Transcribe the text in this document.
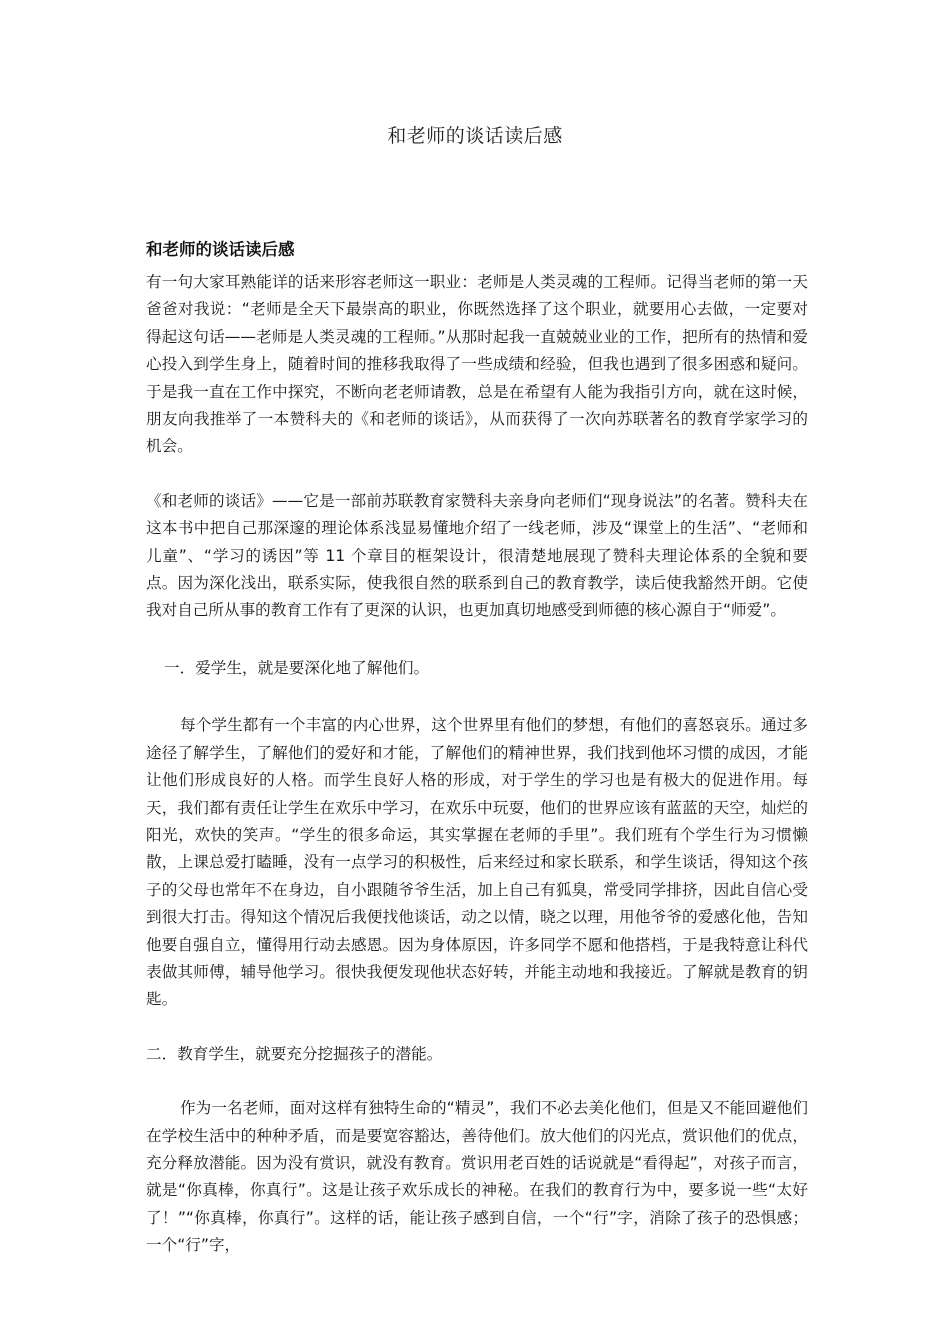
和老师的谈话读后感
和老师的谈话读后感

有一句大家耳熟能详的话来形容老师这一职业：老师是人类灵魂的工程师。记得当老师的第一天爸爸对我说：“老师是全天下最崇高的职业，你既然选择了这个职业，就要用心去做，一定要对得起这句话——老师是人类灵魂的工程师。”从那时起我一直兢兢业业的工作，把所有的热情和爱心投入到学生身上，随着时间的推移我取得了一些成绩和经验，但我也遇到了很多困惑和疑问。于是我一直在工作中探究，不断向老老师请教，总是在希望有人能为我指引方向，就在这时候，朋友向我推举了一本赞科夫的《和老师的谈话》，从而获得了一次向苏联著名的教育学家学习的机会。

《和老师的谈话》——它是一部前苏联教育家赞科夫亲身向老师们“现身说法”的名著。赞科夫在这本书中把自己那深邃的理论体系浅显易懂地介绍了一线老师，涉及“课堂上的生活”、“老师和儿童”、“学习的诱因”等 11 个章目的框架设计，很清楚地展现了赞科夫理论体系的全貌和要点。因为深化浅出，联系实际，使我很自然的联系到自己的教育教学，读后使我豁然开朗。它使我对自己所从事的教育工作有了更深的认识，也更加真切地感受到师德的核心源自于“师爱”。

一．爱学生，就是要深化地了解他们。

每个学生都有一个丰富的内心世界，这个世界里有他们的梦想，有他们的喜怒哀乐。通过多途径了解学生，了解他们的爱好和才能，了解他们的精神世界，我们找到他坏习惯的成因，才能让他们形成良好的人格。而学生良好人格的形成，对于学生的学习也是有极大的促进作用。每天，我们都有责任让学生在欢乐中学习，在欢乐中玩耍，他们的世界应该有蓝蓝的天空，灿烂的阳光，欢快的笑声。“学生的很多命运，其实掌握在老师的手里”。我们班有个学生行为习惯懒散，上课总爱打瞌睡，没有一点学习的积极性，后来经过和家长联系，和学生谈话，得知这个孩子的父母也常年不在身边，自小跟随爷爷生活，加上自己有狐臭，常受同学排挤，因此自信心受到很大打击。得知这个情况后我便找他谈话，动之以情，晓之以理，用他爷爷的爱感化他，告知他要自强自立，懂得用行动去感恩。因为身体原因，许多同学不愿和他搭档，于是我特意让科代表做其师傅，辅导他学习。很快我便发现他状态好转，并能主动地和我接近。了解就是教育的钥匙。

二．教育学生，就要充分挖掘孩子的潜能。

作为一名老师，面对这样有独特生命的“精灵”，我们不必去美化他们，但是又不能回避他们在学校生活中的种种矛盾，而是要宽容豁达，善待他们。放大他们的闪光点，赏识他们的优点，充分释放潜能。因为没有赏识，就没有教育。赏识用老百姓的话说就是“看得起”，对孩子而言，就是“你真棒，你真行”。这是让孩子欢乐成长的神秘。在我们的教育行为中，要多说一些“太好了！”“你真棒，你真行”。这样的话，能让孩子感到自信，一个“行”字，消除了孩子的恐惧感；一个“行”字，
